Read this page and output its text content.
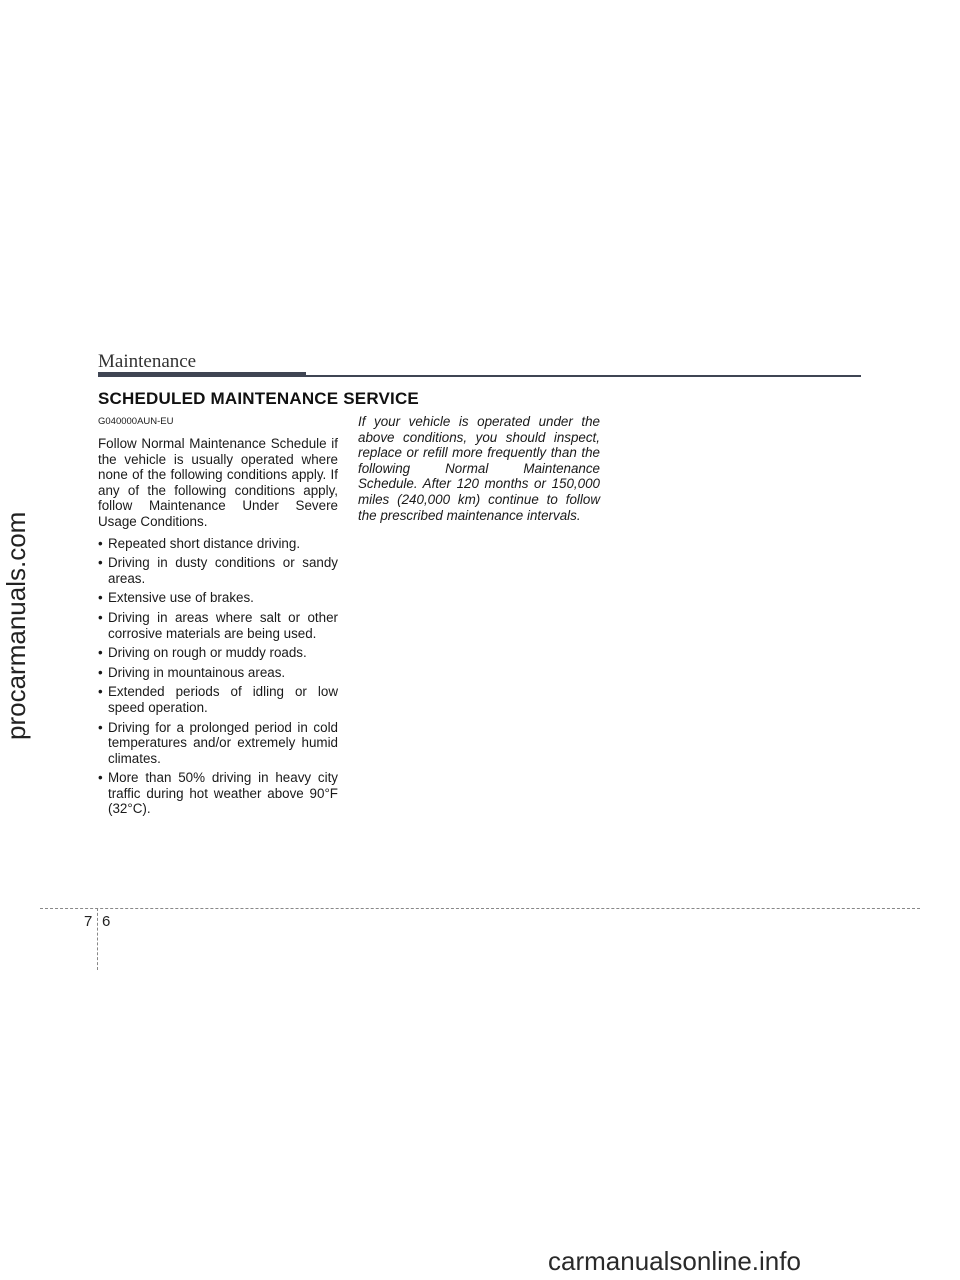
Maintenance
SCHEDULED MAINTENANCE SERVICE
G040000AUN-EU

Follow Normal Maintenance Schedule if the vehicle is usually operated where none of the following conditions apply. If any of the following conditions apply, follow Maintenance Under Severe Usage Conditions.

• Repeated short distance driving.
• Driving in dusty conditions or sandy areas.
• Extensive use of brakes.
• Driving in areas where salt or other corrosive materials are being used.
• Driving on rough or muddy roads.
• Driving in mountainous areas.
• Extended periods of idling or low speed operation.
• Driving for a prolonged period in cold temperatures and/or extremely humid climates.
• More than 50% driving in heavy city traffic during hot weather above 90°F (32°C).
If your vehicle is operated under the above conditions, you should inspect, replace or refill more frequently than the following Normal Maintenance Schedule. After 120 months or 150,000 miles (240,000 km) continue to follow the prescribed maintenance intervals.
7 6
procarmanuals.com
carmanualsonline.info
